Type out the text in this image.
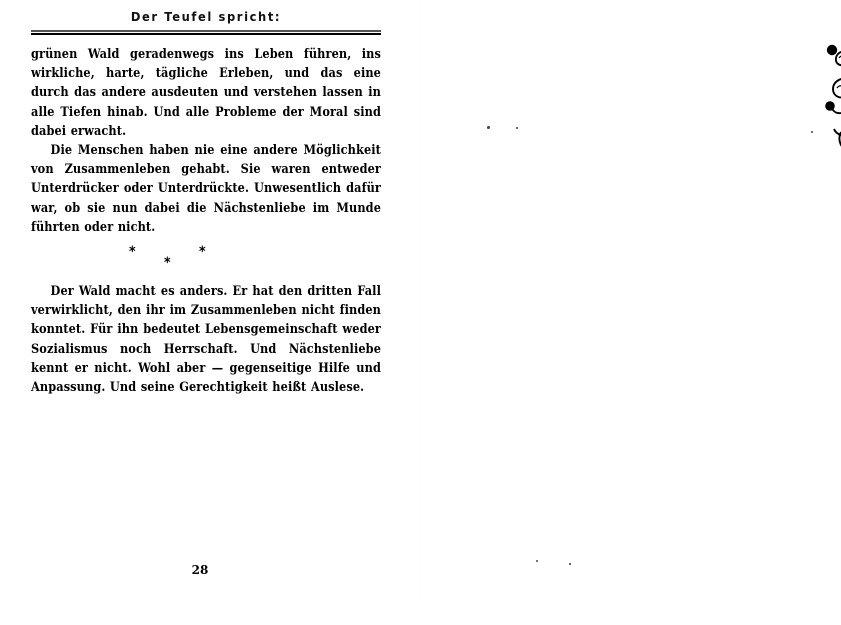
Der Teufel spricht:

grünen Wald geradenwegs ins Leben führen, ins wirkliche, harte, tägliche Erleben, und das eine durch das andere ausdeuten und verstehen lassen in alle Tiefen hinab. Und alle Probleme der Moral sind dabei erwacht.

Die Menschen haben nie eine andere Möglichkeit von Zusammenleben gehabt. Sie waren entweder Unterdrücker oder Unterdrückte. Unwesentlich dafür war, ob sie nun dabei die Nächstenliebe im Munde führten oder nicht.

*	*
*

Der Wald macht es anders. Er hat den dritten Fall verwirklicht, den ihr im Zusammenleben nicht finden konntet. Für ihn bedeutet Lebensgemeinschaft weder Sozialismus noch Herrschaft. Und Nächstenliebe kennt er nicht. Wohl aber — gegenseitige Hilfe und Anpassung. Und seine Gerechtigkeit heißt Auslese.

28
